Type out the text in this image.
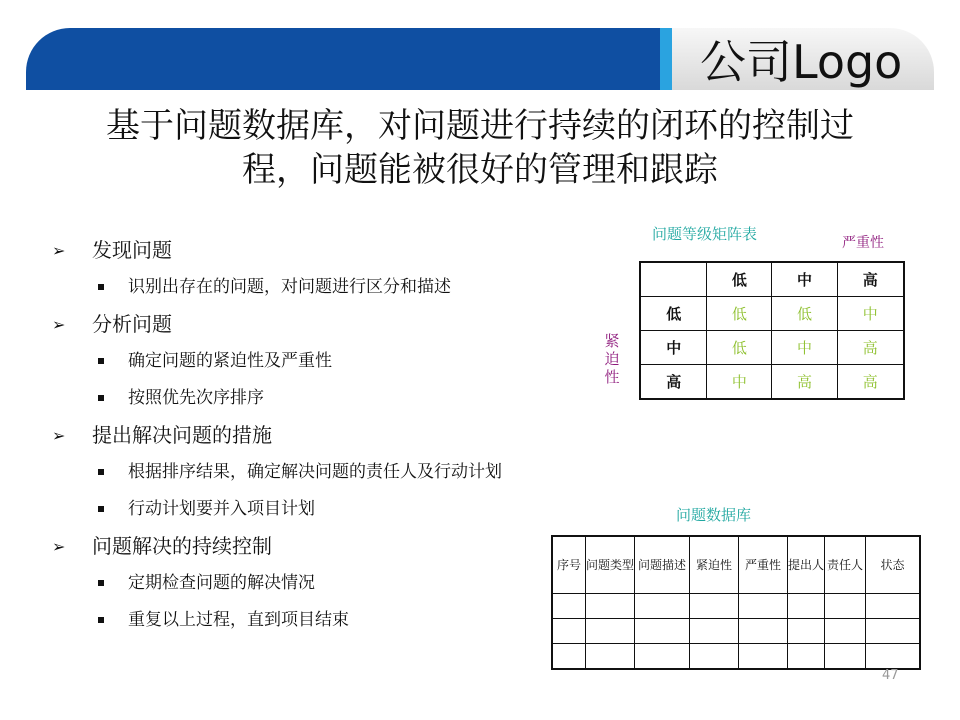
公司Logo
基于问题数据库，对问题进行持续的闭环的控制过
程，问题能被很好的管理和跟踪
➢ 发现问题
识别出存在的问题，对问题进行区分和描述
➢ 分析问题
确定问题的紧迫性及严重性
按照优先次序排序
➢ 提出解决问题的措施
根据排序结果，确定解决问题的责任人及行动计划
行动计划要并入项目计划
➢ 问题解决的持续控制
定期检查问题的解决情况
重复以上过程，直到项目结束
问题等级矩阵表	严重性
紧迫性
	低	中	高
低	低	低	中
中	低	中	高
高	中	高	高
问题数据库
序号	问题类型	问题描述	紧迫性	严重性	提出人	责任人	状态

47
